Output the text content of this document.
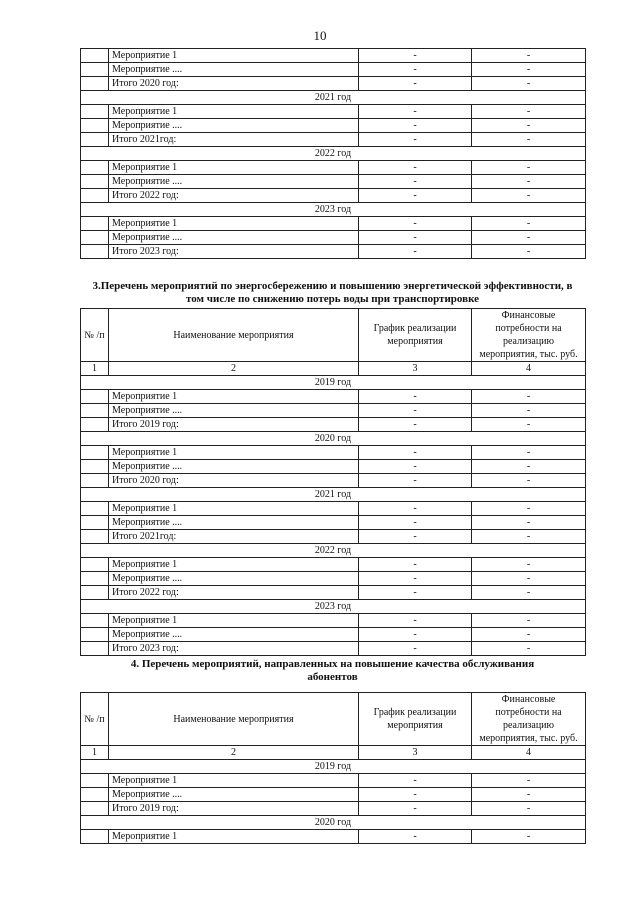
10
	Мероприятие 1	-	-
	Мероприятие ....	-	-
	Итого 2020 год:	-	-
2021 год			
	Мероприятие 1	-	-
	Мероприятие ....	-	-
	Итого 2021год:	-	-
2022 год			
	Мероприятие 1	-	-
	Мероприятие ....	-	-
	Итого 2022 год:	-	-
2023 год			
	Мероприятие 1	-	-
	Мероприятие ....	-	-
	Итого 2023 год:	-	-
3.Перечень мероприятий по энергосбережению и повышению энергетической эффективности, в
том числе по снижению потерь воды при транспортировке
№ /п	Наименование мероприятия	График реализации мероприятия	Финансовые потребности на реализацию мероприятия, тыс. руб.
1	2	3	4
2019 год			
	Мероприятие 1	-	-
	Мероприятие ....	-	-
	Итого 2019 год:	-	-
2020 год			
	Мероприятие 1	-	-
	Мероприятие ....	-	-
	Итого 2020 год:	-	-
2021 год			
	Мероприятие 1	-	-
	Мероприятие ....	-	-
	Итого 2021год:	-	-
2022 год			
	Мероприятие 1	-	-
	Мероприятие ....	-	-
	Итого 2022 год:	-	-
2023 год			
	Мероприятие 1	-	-
	Мероприятие ....	-	-
	Итого 2023 год:	-	-
4. Перечень мероприятий, направленных на повышение качества обслуживания
абонентов
№ /п	Наименование мероприятия	График реализации мероприятия	Финансовые потребности на реализацию мероприятия, тыс. руб.
1	2	3	4
2019 год			
	Мероприятие 1	-	-
	Мероприятие ....	-	-
	Итого 2019 год:	-	-
2020 год			
	Мероприятие 1	-	-
